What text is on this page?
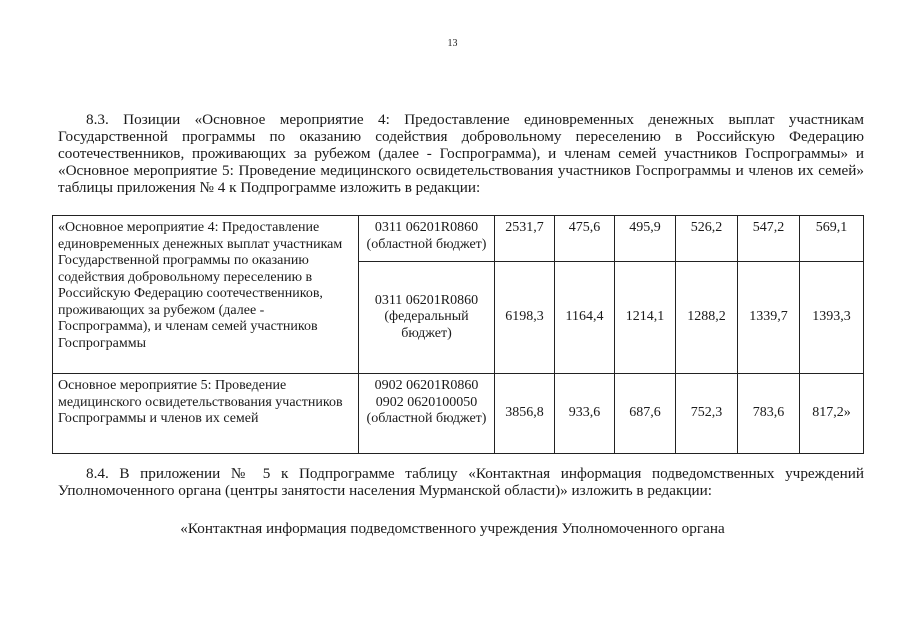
13
8.3. Позиции «Основное мероприятие 4: Предоставление единовременных денежных выплат участникам
Государственной программы по оказанию содействия добровольному переселению в Российскую Федерацию
соотечественников, проживающих за рубежом (далее - Госпрограмма), и членам семей участников Госпрограммы» и
«Основное мероприятие 5: Проведение медицинского освидетельствования участников Госпрограммы и членов их семей»
таблицы приложения № 4 к Подпрограмме изложить в редакции:
«Основное мероприятие 4: Предоставление единовременных денежных выплат участникам Государственной программы по оказанию содействия добровольному переселению в Российскую Федерацию соотечественников, проживающих за рубежом (далее - Госпрограмма), и членам семей участников Госпрограммы	0311 06201R0860 (областной бюджет)	2531,7	475,6	495,9	526,2	547,2	569,1
	0311 06201R0860 (федеральный бюджет)	6198,3	1164,4	1214,1	1288,2	1339,7	1393,3
Основное мероприятие 5: Проведение медицинского освидетельствования участников Госпрограммы и членов их семей	0902 06201R0860 0902 0620100050 (областной бюджет)	3856,8	933,6	687,6	752,3	783,6	817,2»
8.4. В приложении № 5 к Подпрограмме таблицу «Контактная информация подведомственных учреждений
Уполномоченного органа (центры занятости населения Мурманской области)» изложить в редакции:
«Контактная информация подведомственного учреждения Уполномоченного органа
